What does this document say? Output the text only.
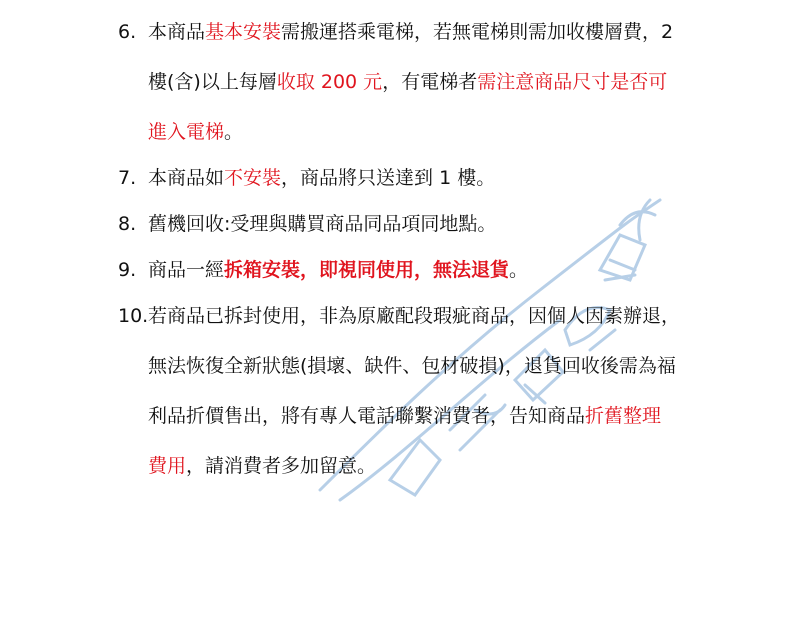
6. 本商品基本安裝需搬運搭乘電梯，若無電梯則需加收樓層費，2
樓(含)以上每層收取 200 元，有電梯者需注意商品尺寸是否可
進入電梯。
7. 本商品如不安裝，商品將只送達到 1 樓。
8. 舊機回收:受理與購買商品同品項同地點。
9. 商品一經拆箱安裝，即視同使用，無法退貨。
10. 若商品已拆封使用，非為原廠配段瑕疵商品，因個人因素辦退，
無法恢復全新狀態(損壞、缺件、包材破損)，退貨回收後需為福
利品折價售出，將有專人電話聯繫消費者，告知商品折舊整理
費用，請消費者多加留意。
